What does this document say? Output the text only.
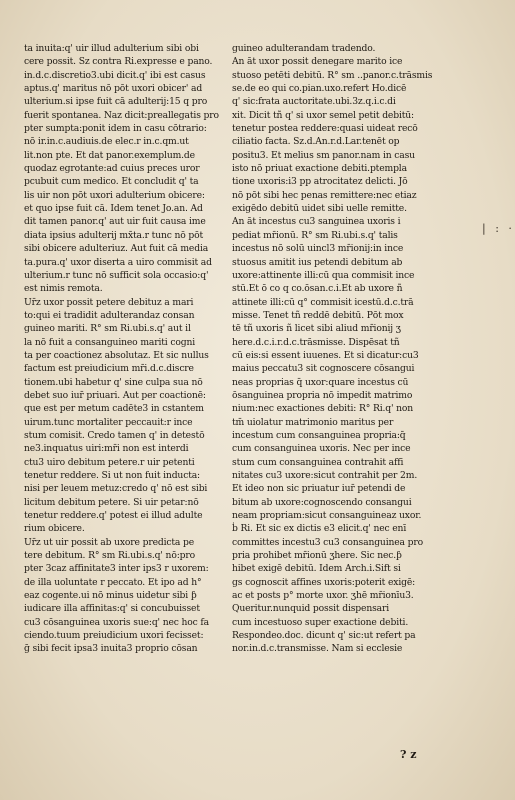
ta inuita:q' uir illud adulterium sibi obi
cere possit. Sz contra Ri.expresse e pano.
in.d.c.discretio3.ubi dicit.q' ibi est casus
aptus.q' maritus nō pōt uxori obicer' ad
ulterium.si ipse fuit cā adulterij:15 q pro
fuerit spontanea. Naz dicit:preallegatis pro
pter sumpta:ponit idem in casu cōtrario:
nō ir.in.c.audiuis.de elec.r in.c.qm.ut
lit.non pte. Et dat panor.exemplum.de
quodaz egrotante:ad cuius preces uror
pcubuit cum medico. Et concludit q' ta
lis uir non pōt uxori adulterium obicere:
et quo ipse fuit cā. Idem tenet Jo.an. Ad
dit tamen panor.q' aut uir fuit causa ime
diata ipsius adulterij mx̄ta.r tunc nō pōt
sibi obicere adulteriuz. Aut fuit cā media
ta.pura.q' uxor diserta a uiro commisit ad
ulterium.r tunc nō sufficit sola occasio:q'
est nimis remota.
Ur̄z uxor possit petere debituz a mari
to:qui ei tradidit adulterandaz consan
guineo mariti. R° sm Ri.ubi.s.q' aut il
la nō fuit a consanguineo mariti cogni
ta per coactionez absolutaz. Et sic nullus
factum est preiudicium mr̄i.d.c.discre
tionem.ubi habetur q' sine culpa sua nō
debet suo iur̄ priuari. Aut per coactionē:
que est per metum cadēte3 in cstantem
uirum.tunc mortaliter peccauit:r ince
stum comisit. Credo tamen q' in detestō
ne3.inquatus uiri:mr̄i non est interdi
ctu3 uiro debitum petere.r uir petenti
tenetur reddere. Si ut non fuit inducta:
nisi per leuem metuz:credo q' nō est sibi
licitum debitum petere. Si uir petar:nō
tenetur reddere.q' potest ei illud adulte
rium obicere.
Ur̄z ut uir possit ab uxore predicta pe
tere debitum. R° sm Ri.ubi.s.q' nō:pro
pter 3caz affinitate3 inter ips3 r uxorem:
de illa uoluntate r peccato. Et ipo ad h°
eaz cogente.ui nō minus uidetur sibi ƥ
iudicare illa affinitas:q' si concubuisset
cu3 cōsanguinea uxoris sue:q' nec hoc fa
ciendo.tuum preiudicium uxori fecisset:
ḡ sibi fecit ipsa3 inuita3 proprio cōsan
guineo adulterandam tradendo.
An āt uxor possit denegare marito ice
stuoso petēti debitū. R° sm ..panor.c.trāsmis
se.de eo qui co.pian.uxo.refert Ho.dicē
q' sic:frata auctoritate.ubi.3z.q.i.c.di
xit. Dicit tñ q' si uxor semel petit debitū:
tenetur postea reddere:quasi uideat recō
ciliatio facta. Sz.d.An.r.d.Lar.tenēt op
positu3. Et melius sm panor.nam in casu
isto nō priuat exactione debiti.ptempla
tione uxoris:i3 pp atrocitatez delicti. Jō
nō pōt sibi hec penas remittere:nec etiaz
exigēdo debitū uidet sibi uelle remitte.
An āt incestus cu3 sanguinea uxoris i
pediat mr̄ionū. R° sm Ri.ubi.s.q' talis
incestus nō solū uincl3 mr̄ionij:in ince
stuosus amitit ius petendi debitum ab
uxore:attinente illi:cū qua commisit ince
stū.Et ō co q co.ōsan.c.i.Et ab uxore ñ
attinete illi:cū q° commisit icestū.d.c.trā
misse. Tenet tñ reddē debitū. Pōt mox
tē tñ uxoris ñ licet sibi aliud mr̄ionij ʒ
here.d.c.i.r.d.c.trāsmisse. Dispēsat tñ
cū eis:si essent iuuenes. Et si dicatur:cu3
maius peccatu3 sit cognoscere cōsangui
neas proprias q̄ uxor:quare incestus cū
ōsanguinea propria nō impedit matrimo
nium:nec exactiones debiti: R° Ri.q' non
tm̄ uiolatur matrimonio maritus per
incestum cum consanguinea propria:q̄
cum consanguinea uxoris. Nec per ince
stum cum consanguinea contrahit affi
nitates cu3 uxore:sicut contrahit per 2m.
Et ideo non sic priuatur iur̄ petendi de
bitum ab uxore:cognoscendo consangui
neam propriam:sicut consanguineaz uxor.
ḃ Ri. Et sic ex dictis e3 elicit.q' nec enī
committes incestu3 cu3 consanguinea pro
pria prohibet mr̄ionū ʒhere. Sic nec.ƥ
hibet exigē debitū. Idem Arch.i.Sift si
gs cognoscit affines uxoris:poterit exigē:
ac et posts p° morte uxor. ʒhē mr̄ionīu3.
Queritur.nunquid possit dispensari
cum incestuoso super exactione debiti.
Respondeo.doc. dicunt q' sic:ut refert pa
nor.in.d.c.transmisse. Nam si ecclesie
| : ·
? z
